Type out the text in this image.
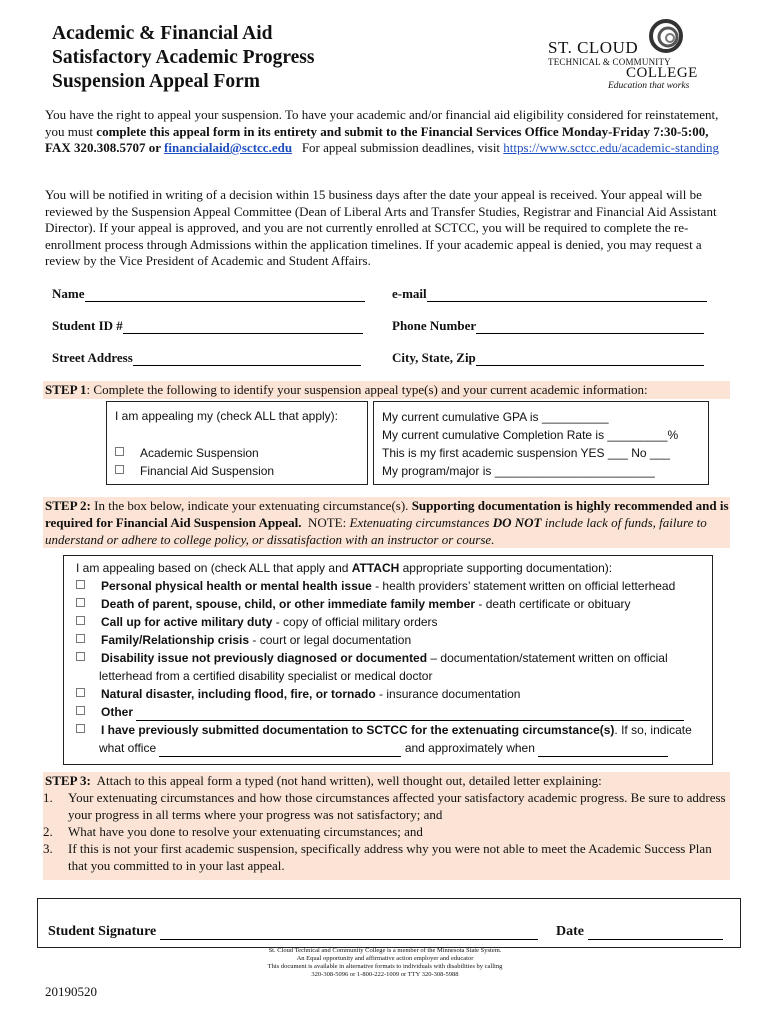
Academic & Financial Aid
Satisfactory Academic Progress
Suspension Appeal Form
ST. CLOUD
TECHNICAL & COMMUNITY
COLLEGE
Education that works
You have the right to appeal your suspension. To have your academic and/or financial aid eligibility considered for reinstatement, you must complete this appeal form in its entirety and submit to the Financial Services Office Monday-Friday 7:30-5:00, FAX 320.308.5707 or financialaid@sctcc.edu   For appeal submission deadlines, visit https://www.sctcc.edu/academic-standing
You will be notified in writing of a decision within 15 business days after the date your appeal is received. Your appeal will be reviewed by the Suspension Appeal Committee (Dean of Liberal Arts and Transfer Studies, Registrar and Financial Aid Assistant Director). If your appeal is approved, and you are not currently enrolled at SCTCC, you will be required to complete the re-enrollment process through Admissions within the application timelines. If your academic appeal is denied, you may request a review by the Vice President of Academic and Student Affairs.
Name	e-mail
Student ID #	Phone Number
Street Address	City, State, Zip
STEP 1: Complete the following to identify your suspension appeal type(s) and your current academic information:
I am appealing my (check ALL that apply):
Academic Suspension
Financial Aid Suspension
My current cumulative GPA is __________
My current cumulative Completion Rate is _________%
This is my first academic suspension YES ___ No ___
My program/major is ________________________
STEP 2: In the box below, indicate your extenuating circumstance(s). Supporting documentation is highly recommended and is required for Financial Aid Suspension Appeal.  NOTE: Extenuating circumstances DO NOT include lack of funds, failure to understand or adhere to college policy, or dissatisfaction with an instructor or course.
I am appealing based on (check ALL that apply and ATTACH appropriate supporting documentation):
Personal physical health or mental health issue - health providers’ statement written on official letterhead
Death of parent, spouse, child, or other immediate family member - death certificate or obituary
Call up for active military duty - copy of official military orders
Family/Relationship crisis - court or legal documentation
Disability issue not previously diagnosed or documented – documentation/statement written on official
letterhead from a certified disability specialist or medical doctor
Natural disaster, including flood, fire, or tornado - insurance documentation
Other
I have previously submitted documentation to SCTCC for the extenuating circumstance(s). If so, indicate
what office	and approximately when
STEP 3:  Attach to this appeal form a typed (not hand written), well thought out, detailed letter explaining:
1. Your extenuating circumstances and how those circumstances affected your satisfactory academic progress. Be sure to address your progress in all terms where your progress was not satisfactory; and
2. What have you done to resolve your extenuating circumstances; and
3. If this is not your first academic suspension, specifically address why you were not able to meet the Academic Success Plan that you committed to in your last appeal.
Student Signature	Date
St. Cloud Technical and Community College is a member of the Minnesota State System.
An Equal opportunity and affirmative action employer and educator
This document is available in alternative formats to individuals with disabilities by calling
320-308-5096 or 1-800-222-1009 or TTY 320-308-5988
20190520
